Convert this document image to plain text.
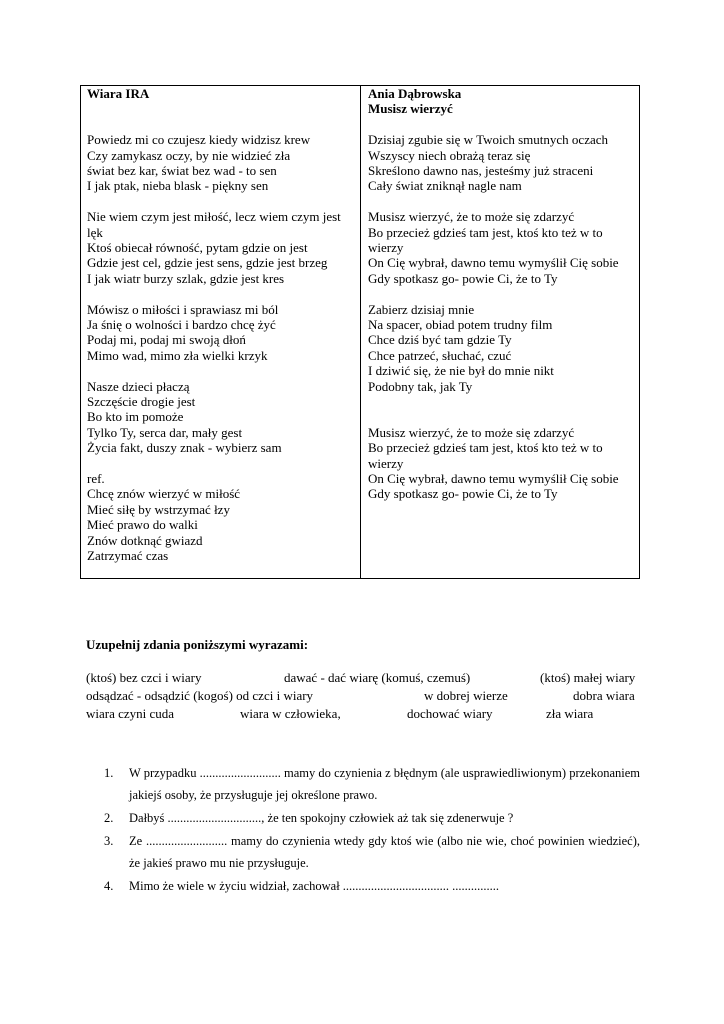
Wiara IRA
Powiedz mi co czujesz kiedy widzisz krew
Czy zamykasz oczy, by nie widzieć zła
świat bez kar, świat bez wad - to sen
I jak ptak, nieba blask - piękny sen
Nie wiem czym jest miłość, lecz wiem czym jest
lęk
Ktoś obiecał równość, pytam gdzie on jest
Gdzie jest cel, gdzie jest sens, gdzie jest brzeg
I jak wiatr burzy szlak, gdzie jest kres
Mówisz o miłości i sprawiasz mi ból
Ja śnię o wolności i bardzo chcę żyć
Podaj mi, podaj mi swoją dłoń
Mimo wad, mimo zła wielki krzyk
Nasze dzieci płaczą
Szczęście drogie jest
Bo kto im pomoże
Tylko Ty, serca dar, mały gest
Życia fakt, duszy znak - wybierz sam
ref.
Chcę znów wierzyć w miłość
Mieć siłę by wstrzymać łzy
Mieć prawo do walki
Znów dotknąć gwiazd
Zatrzymać czas
Ania Dąbrowska
Musisz wierzyć
Dzisiaj zgubie się w Twoich smutnych oczach
Wszyscy niech obrażą teraz się
Skreślono dawno nas, jesteśmy już straceni
Cały świat zniknął nagle nam
Musisz wierzyć, że to może się zdarzyć
Bo przecież gdzieś tam jest, ktoś kto też w to
wierzy
On Cię wybrał, dawno temu wymyślił Cię sobie
Gdy spotkasz go- powie Ci, że to Ty
Zabierz dzisiaj mnie
Na spacer, obiad potem trudny film
Chce dziś być tam gdzie Ty
Chce patrzeć, słuchać, czuć
I dziwić się, że nie był do mnie nikt
Podobny tak, jak Ty
Musisz wierzyć, że to może się zdarzyć
Bo przecież gdzieś tam jest, ktoś kto też w to
wierzy
On Cię wybrał, dawno temu wymyślił Cię sobie
Gdy spotkasz go- powie Ci, że to Ty
Uzupełnij zdania poniższymi wyrazami:
(ktoś) bez czci i wiary	dawać - dać wiarę (komuś, czemuś)	(ktoś) małej wiary
odsądzać - odsądzić (kogoś) od czci i wiary	w dobrej wierze	dobra wiara
wiara czyni cuda	wiara w człowieka,	dochować wiary	zła wiara
1. W przypadku .......................... mamy do czynienia z błędnym (ale usprawiedliwionym) przekonaniem jakiejś osoby, że przysługuje jej określone prawo.
2. Dałbyś .............................., że ten spokojny człowiek aż tak się zdenerwuje ?
3. Ze .......................... mamy do czynienia wtedy gdy ktoś wie (albo nie wie, choć powinien wiedzieć), że jakieś prawo mu nie przysługuje.
4. Mimo że wiele w życiu widział, zachował .................................. ...............
